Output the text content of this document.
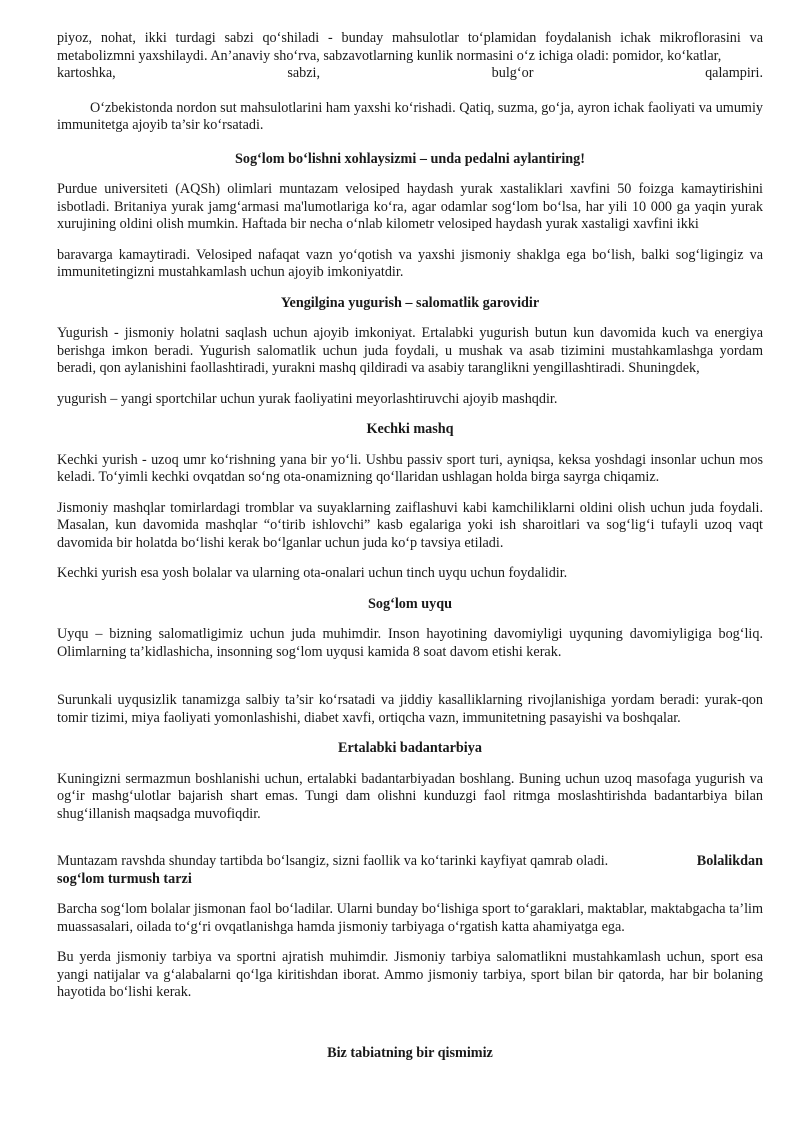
piyoz, nohat, ikki turdagi sabzi qo‘shiladi - bunday mahsulotlar to‘plamidan foydalanish ichak mikroflorasini va metabolizmni yaxshilaydi. An’anaviy sho‘rva, sabzavotlarning kunlik normasini o‘z ichiga oladi: pomidor, ko‘katlar,

kartoshka, sabzi, bulg‘or qalampiri.

O‘zbekistonda nordon sut mahsulotlarini ham yaxshi ko‘rishadi. Qatiq, suzma, go‘ja, ayron ichak faoliyati va umumiy immunitetga ajoyib ta’sir ko‘rsatadi.

Sog‘lom bo‘lishni xohlaysizmi – unda pedalni aylantiring!

Purdue universiteti (AQSh) olimlari muntazam velosiped haydash yurak xastaliklari xavfini 50 foizga kamaytirishini isbotladi. Britaniya yurak jamg‘armasi ma'lumotlariga ko‘ra, agar odamlar sog‘lom bo‘lsa, har yili 10 000 ga yaqin yurak xurujining oldini olish mumkin. Haftada bir necha o‘nlab kilometr velosiped haydash yurak xastaligi xavfini ikki

baravarga kamaytiradi. Velosiped nafaqat vazn yo‘qotish va yaxshi jismoniy shaklga ega bo‘lish, balki sog‘ligingiz va immunitetingizni mustahkamlash uchun ajoyib imkoniyatdir.

Yengilgina yugurish – salomatlik garovidir

Yugurish - jismoniy holatni saqlash uchun ajoyib imkoniyat. Ertalabki yugurish butun kun davomida kuch va energiya berishga imkon beradi. Yugurish salomatlik uchun juda foydali, u mushak va asab tizimini mustahkamlashga yordam beradi, qon aylanishini faollashtiradi, yurakni mashq qildiradi va asabiy taranglikni yengillashtiradi. Shuningdek,

yugurish – yangi sportchilar uchun yurak faoliyatini meyorlashtiruvchi ajoyib mashqdir.

Kechki mashq

Kechki yurish - uzoq umr ko‘rishning yana bir yo‘li. Ushbu passiv sport turi, ayniqsa, keksa yoshdagi insonlar uchun mos keladi. To‘yimli kechki ovqatdan so‘ng ota-onamizning qo‘llaridan ushlagan holda birga sayrga chiqamiz.

Jismoniy mashqlar tomirlardagi tromblar va suyaklarning zaiflashuvi kabi kamchiliklarni oldini olish uchun juda foydali. Masalan, kun davomida mashqlar “o‘tirib ishlovchi” kasb egalariga yoki ish sharoitlari va sog‘lig‘i tufayli uzoq vaqt davomida bir holatda bo‘lishi kerak bo‘lganlar uchun juda ko‘p tavsiya etiladi.

Kechki yurish esa yosh bolalar va ularning ota-onalari uchun tinch uyqu uchun foydalidir.

Sog‘lom uyqu

Uyqu – bizning salomatligimiz uchun juda muhimdir. Inson hayotining davomiyligi uyquning davomiyligiga bog‘liq. Olimlarning ta’kidlashicha, insonning sog‘lom uyqusi kamida 8 soat davom etishi kerak.

Surunkali uyqusizlik tanamizga salbiy ta’sir ko‘rsatadi va jiddiy kasalliklarning rivojlanishiga yordam beradi: yurak-qon tomir tizimi, miya faoliyati yomonlashishi, diabet xavfi, ortiqcha vazn, immunitetning pasayishi va boshqalar.

Ertalabki badantarbiya

Kuningizni sermazmun boshlanishi uchun, ertalabki badantarbiyadan boshlang. Buning uchun uzoq masofaga yugurish va og‘ir mashg‘ulotlar bajarish shart emas. Tungi dam olishni kunduzgi faol ritmga moslashtirishda badantarbiya bilan shug‘illanish maqsadga muvofiqdir.

Muntazam ravshda shunday tartibda bo‘lsangiz, sizni faollik va ko‘tarinki kayfiyat qamrab oladi.	Bolalikdan

sog‘lom turmush tarzi

Barcha sog‘lom bolalar jismonan faol bo‘ladilar. Ularni bunday bo‘lishiga sport to‘garaklari, maktablar, maktabgacha ta’lim muassasalari, oilada to‘g‘ri ovqatlanishga hamda jismoniy tarbiyaga o‘rgatish katta ahamiyatga ega.

Bu yerda jismoniy tarbiya va sportni ajratish muhimdir. Jismoniy tarbiya salomatlikni mustahkamlash uchun, sport esa yangi natijalar va g‘alabalarni qo‘lga kiritishdan iborat. Ammo jismoniy tarbiya, sport bilan bir qatorda, har bir bolaning hayotida bo‘lishi kerak.

Biz tabiatning bir qismimiz
